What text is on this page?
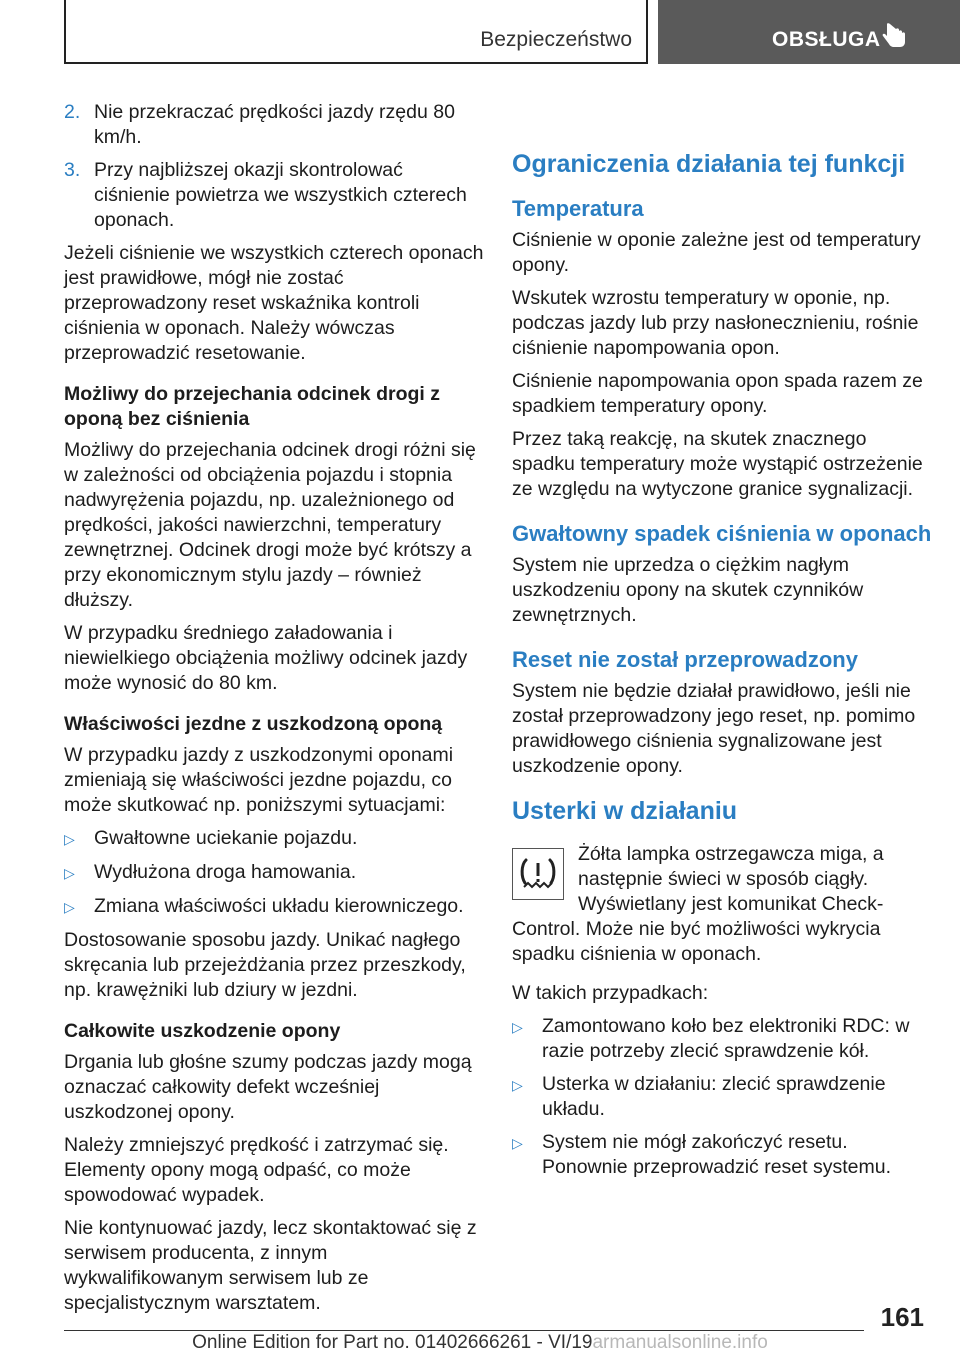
Bezpieczeństwo	OBSŁUGA
2. Nie przekraczać prędkości jazdy rzędu 80 km/h.
3. Przy najbliższej okazji skontrolować ciśnienie powietrza we wszystkich czterech oponach.

Jeżeli ciśnienie we wszystkich czterech oponach jest prawidłowe, mógł nie zostać przeprowadzony reset wskaźnika kontroli ciśnienia w oponach. Należy wówczas przeprowadzić resetowanie.

Możliwy do przejechania odcinek drogi z oponą bez ciśnienia

Możliwy do przejechania odcinek drogi różni się w zależności od obciążenia pojazdu i stopnia nadwyrężenia pojazdu, np. uzależnionego od prędkości, jakości nawierzchni, temperatury zewnętrznej. Odcinek drogi może być krótszy a przy ekonomicznym stylu jazdy – również dłuższy.

W przypadku średniego załadowania i niewielkiego obciążenia możliwy odcinek jazdy może wynosić do 80 km.

Właściwości jezdne z uszkodzoną oponą

W przypadku jazdy z uszkodzonymi oponami zmieniają się właściwości jezdne pojazdu, co może skutkować np. poniższymi sytuacjami:

▷ Gwałtowne uciekanie pojazdu.
▷ Wydłużona droga hamowania.
▷ Zmiana właściwości układu kierowniczego.

Dostosowanie sposobu jazdy. Unikać nagłego skręcania lub przejeżdżania przez przeszkody, np. krawężniki lub dziury w jezdni.

Całkowite uszkodzenie opony

Drgania lub głośne szumy podczas jazdy mogą oznaczać całkowity defekt wcześniej uszkodzonej opony.

Należy zmniejszyć prędkość i zatrzymać się. Elementy opony mogą odpaść, co może spowodować wypadek.

Nie kontynuować jazdy, lecz skontaktować się z serwisem producenta, z innym wykwalifikowanym serwisem lub ze specjalistycznym warsztatem.

Ograniczenia działania tej funkcji
Temperatura

Ciśnienie w oponie zależne jest od temperatury opony.

Wskutek wzrostu temperatury w oponie, np. podczas jazdy lub przy nasłonecznieniu, rośnie ciśnienie napompowania opon.

Ciśnienie napompowania opon spada razem ze spadkiem temperatury opony.

Przez taką reakcję, na skutek znacznego spadku temperatury może wystąpić ostrzeżenie ze względu na wytyczone granice sygnalizacji.

Gwałtowny spadek ciśnienia w oponach

System nie uprzedza o ciężkim nagłym uszkodzeniu opony na skutek czynników zewnętrznych.

Reset nie został przeprowadzony

System nie będzie działał prawidłowo, jeśli nie został przeprowadzony jego reset, np. pomimo prawidłowego ciśnienia sygnalizowane jest uszkodzenie opony.

Usterki w działaniu

Żółta lampka ostrzegawcza miga, a następnie świeci w sposób ciągły. Wyświetlany jest komunikat Check-Control. Może nie być możliwości wykrycia spadku ciśnienia w oponach.

W takich przypadkach:

▷ Zamontowano koło bez elektroniki RDC: w razie potrzeby zlecić sprawdzenie kół.
▷ Usterka w działaniu: zlecić sprawdzenie układu.
▷ System nie mógł zakończyć resetu. Ponownie przeprowadzić reset systemu.
161
Online Edition for Part no. 01402666261 - VI/19armanualsonline.info
